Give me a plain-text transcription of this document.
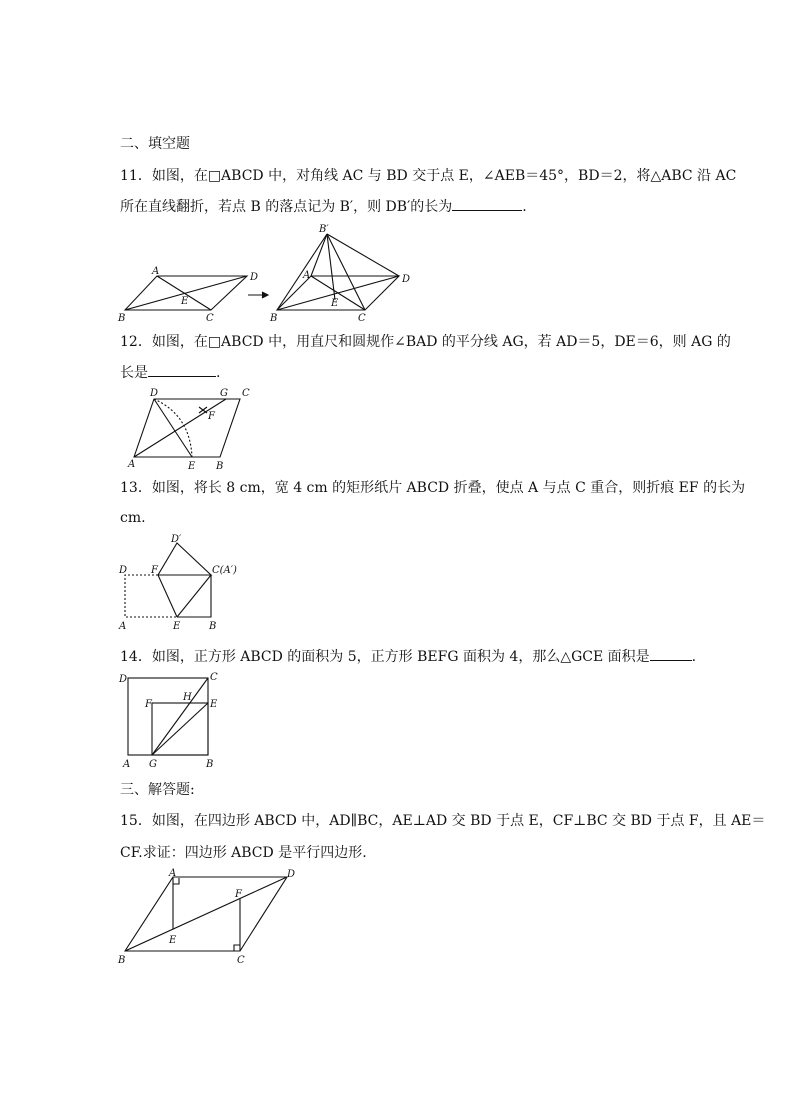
二、填空题
11．如图，在□ABCD 中，对角线 AC 与 BD 交于点 E，∠AEB＝45°，BD＝2，将△ABC 沿 AC
所在直线翻折，若点 B 的落点记为 B′，则 DB′的长为	.
A
B	C
D
E
B′
A
B	C
D
E
12．如图，在□ABCD 中，用直尺和圆规作∠BAD 的平分线 AG，若 AD＝5，DE＝6，则 AG 的
长是	.
A	B
C
D
E
F
G
13．如图，将长 8 cm，宽 4 cm 的矩形纸片 ABCD 折叠，使点 A 与点 C 重合，则折痕 EF 的长为
cm.
D′
D F	C(A′)
A	E	B
14．如图，正方形 ABCD 的面积为 5，正方形 BEFG 面积为 4，那么△GCE 面积是	.
D	C
F	E
H
A G	B
三、解答题:
15．如图，在四边形 ABCD 中，AD∥BC，AE⊥AD 交 BD 于点 E，CF⊥BC 交 BD 于点 F，且 AE＝
CF.求证：四边形 ABCD 是平行四边形.
A
B	C
D
E
F
